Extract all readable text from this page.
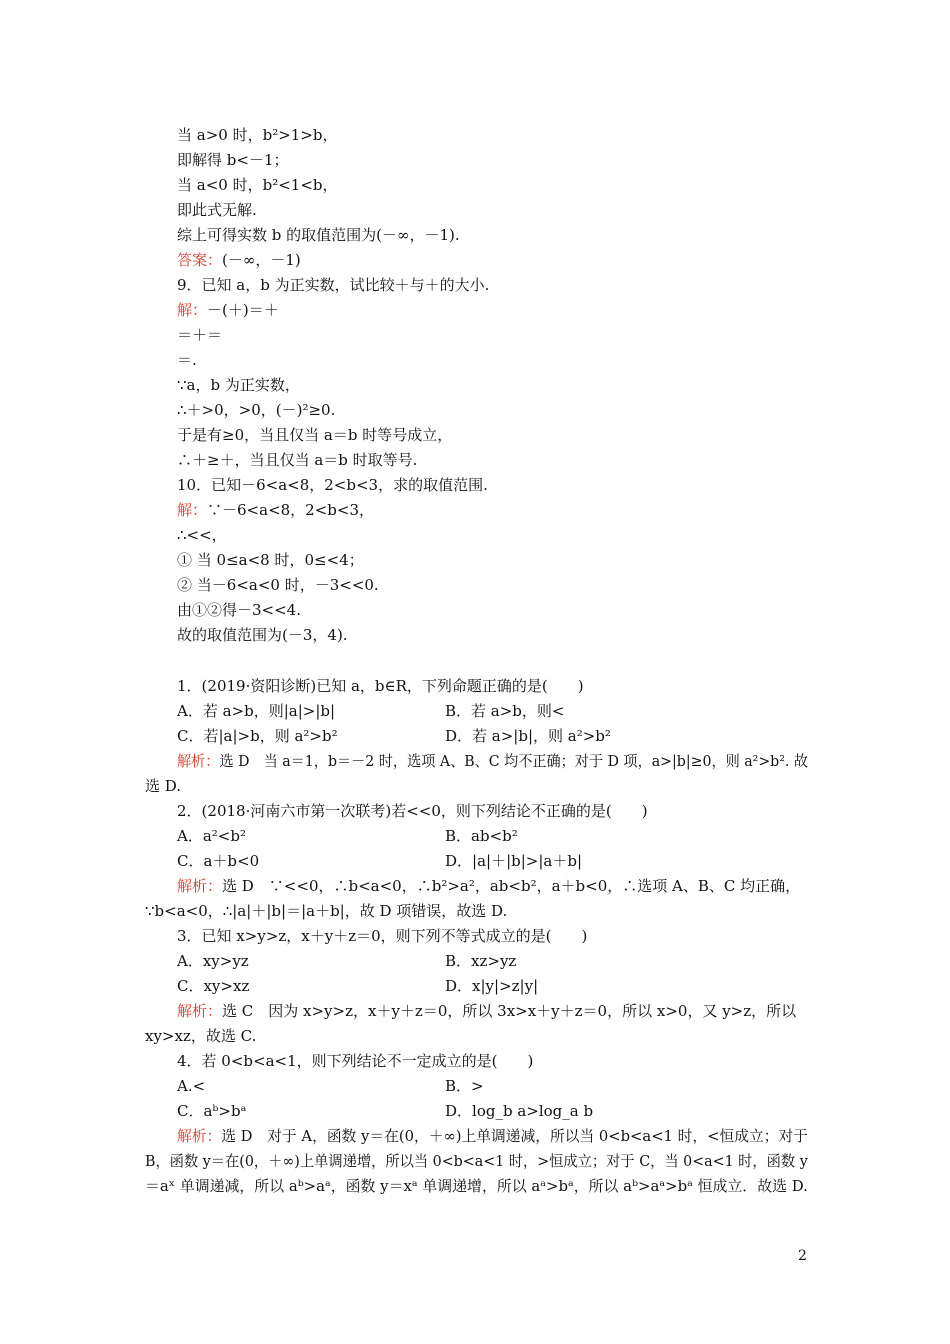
当 a>0 时，b²>1>b，
即解得 b<－1；
当 a<0 时，b²<1<b，
即此式无解.
综上可得实数 b 的取值范围为(－∞，－1).
答案：(－∞，－1)
9．已知 a，b 为正实数，试比较＋与＋的大小.
解：－(＋)＝＋
＝＋＝
＝.
∵a，b 为正实数，
∴＋>0，>0，(－)²≥0.
于是有≥0，当且仅当 a＝b 时等号成立，
∴＋≥＋，当且仅当 a＝b 时取等号.
10．已知－6<a<8，2<b<3，求的取值范围.
解：∵－6<a<8，2<b<3，
∴<<，
① 当 0≤a<8 时，0≤<4；
② 当－6<a<0 时，－3<<0.
由①②得－3<<4.
故的取值范围为(－3，4).
1．(2019·资阳诊断)已知 a，b∈R，下列命题正确的是(　　)
A．若 a>b，则|a|>|b|	B．若 a>b，则<
C．若|a|>b，则 a²>b²	D．若 a>|b|，则 a²>b²
解析：选 D　当 a＝1，b＝－2 时，选项 A、B、C 均不正确；对于 D 项，a>|b|≥0，则 a²>b². 故
选 D.
2．(2018·河南六市第一次联考)若<<0，则下列结论不正确的是(　　)
A．a²<b²	B．ab<b²
C．a＋b<0	D．|a|＋|b|>|a＋b|
解析：选 D　∵<<0，∴b<a<0，∴b²>a²，ab<b²，a＋b<0，∴选项 A、B、C 均正确，
∵b<a<0，∴|a|＋|b|＝|a＋b|，故 D 项错误，故选 D.
3．已知 x>y>z，x＋y＋z＝0，则下列不等式成立的是(　　)
A．xy>yz	B．xz>yz
C．xy>xz	D．x|y|>z|y|
解析：选 C　因为 x>y>z，x＋y＋z＝0，所以 3x>x＋y＋z＝0，所以 x>0，又 y>z，所以
xy>xz，故选 C.
4．若 0<b<a<1，则下列结论不一定成立的是(　　)
A.<	B．>
C．aᵇ>bᵃ	D．log_b a>log_a b
解析：选 D　对于 A，函数 y＝在(0，＋∞)上单调递减，所以当 0<b<a<1 时，<恒成立；对于
B，函数 y＝在(0，＋∞)上单调递增，所以当 0<b<a<1 时，>恒成立；对于 C，当 0<a<1 时，函数 y
＝aˣ 单调递减，所以 aᵇ>aᵃ，函数 y＝xᵃ 单调递增，所以 aᵃ>bᵃ，所以 aᵇ>aᵃ>bᵃ 恒成立．故选 D.
2
